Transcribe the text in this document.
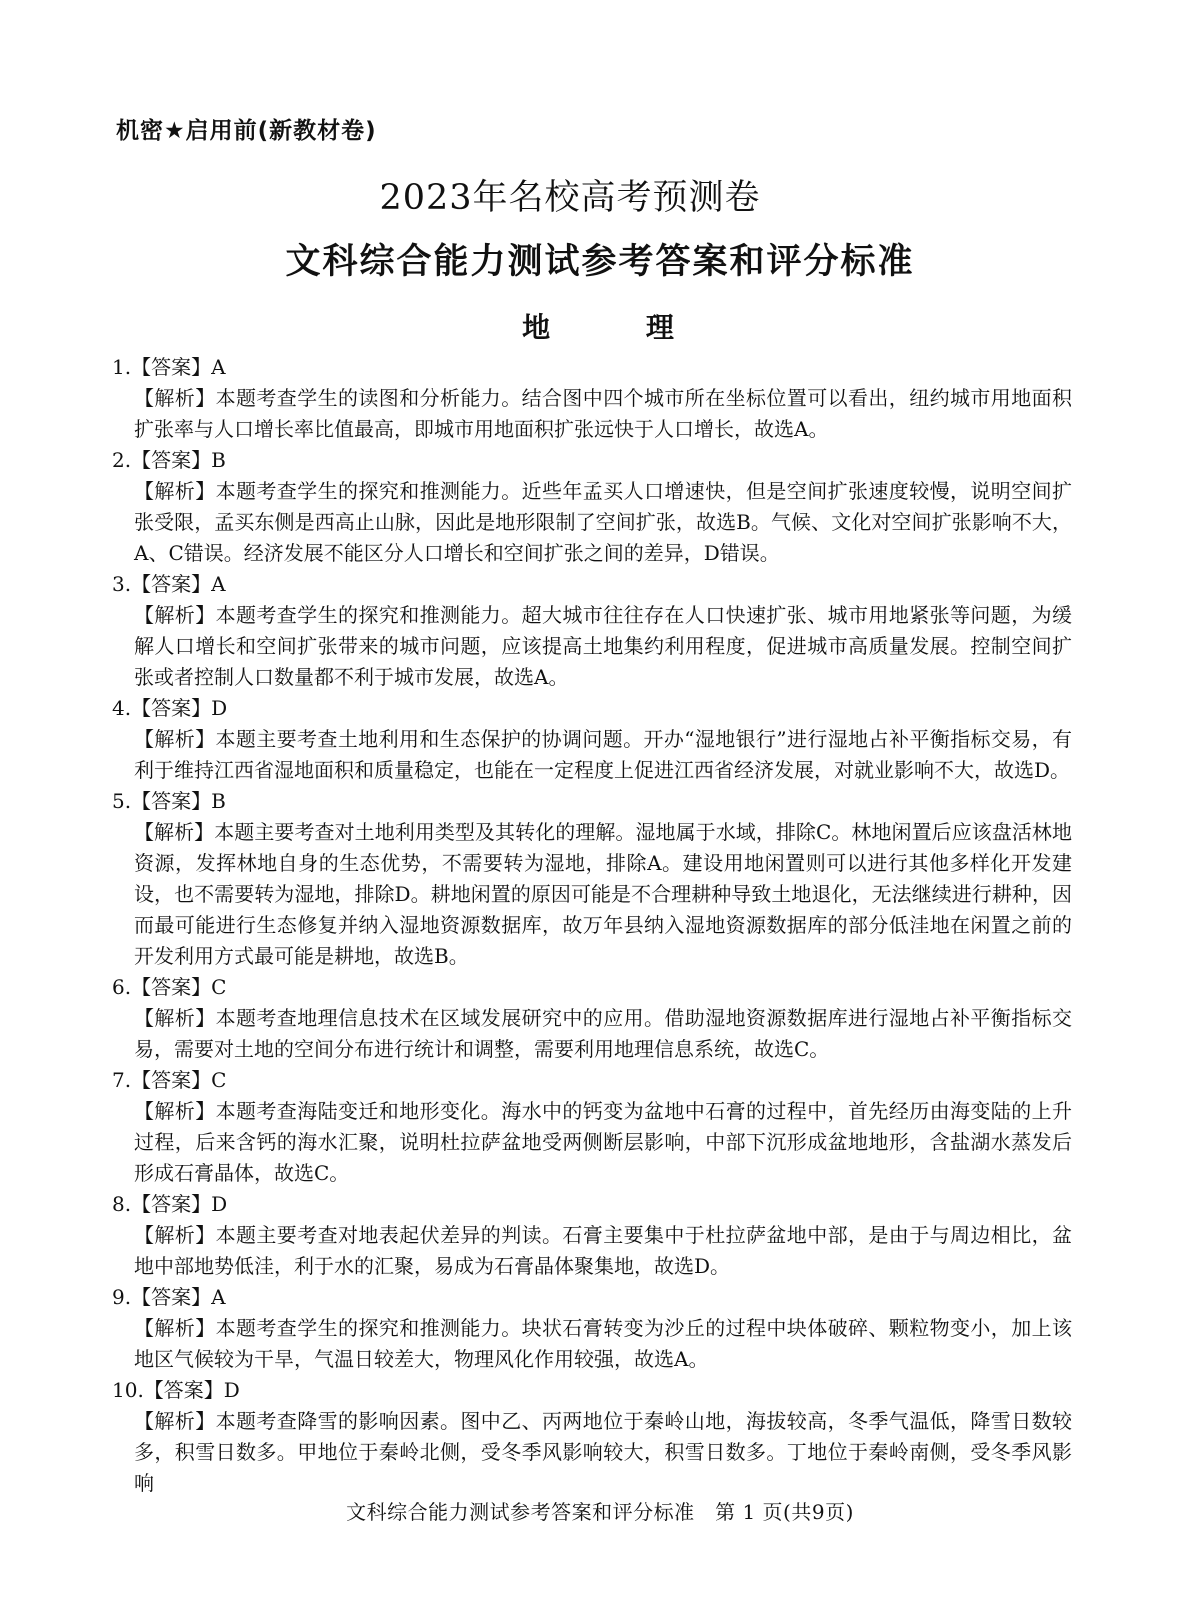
机密★启用前(新教材卷)
2023年名校高考预测卷
文科综合能力测试参考答案和评分标准
地 理

1.【答案】A

【解析】本题考查学生的读图和分析能力。结合图中四个城市所在坐标位置可以看出，纽约城市用地面积扩张率与人口增长率比值最高，即城市用地面积扩张远快于人口增长，故选A。

2.【答案】B

【解析】本题考查学生的探究和推测能力。近些年孟买人口增速快，但是空间扩张速度较慢，说明空间扩张受限，孟买东侧是西高止山脉，因此是地形限制了空间扩张，故选B。气候、文化对空间扩张影响不大，A、C错误。经济发展不能区分人口增长和空间扩张之间的差异，D错误。

3.【答案】A

【解析】本题考查学生的探究和推测能力。超大城市往往存在人口快速扩张、城市用地紧张等问题，为缓解人口增长和空间扩张带来的城市问题，应该提高土地集约利用程度，促进城市高质量发展。控制空间扩张或者控制人口数量都不利于城市发展，故选A。

4.【答案】D

【解析】本题主要考查土地利用和生态保护的协调问题。开办“湿地银行”进行湿地占补平衡指标交易，有利于维持江西省湿地面积和质量稳定，也能在一定程度上促进江西省经济发展，对就业影响不大，故选D。

5.【答案】B

【解析】本题主要考查对土地利用类型及其转化的理解。湿地属于水域，排除C。林地闲置后应该盘活林地资源，发挥林地自身的生态优势，不需要转为湿地，排除A。建设用地闲置则可以进行其他多样化开发建设，也不需要转为湿地，排除D。耕地闲置的原因可能是不合理耕种导致土地退化，无法继续进行耕种，因而最可能进行生态修复并纳入湿地资源数据库，故万年县纳入湿地资源数据库的部分低洼地在闲置之前的开发利用方式最可能是耕地，故选B。

6.【答案】C

【解析】本题考查地理信息技术在区域发展研究中的应用。借助湿地资源数据库进行湿地占补平衡指标交易，需要对土地的空间分布进行统计和调整，需要利用地理信息系统，故选C。

7.【答案】C

【解析】本题考查海陆变迁和地形变化。海水中的钙变为盆地中石膏的过程中，首先经历由海变陆的上升过程，后来含钙的海水汇聚，说明杜拉萨盆地受两侧断层影响，中部下沉形成盆地地形，含盐湖水蒸发后形成石膏晶体，故选C。

8.【答案】D

【解析】本题主要考查对地表起伏差异的判读。石膏主要集中于杜拉萨盆地中部，是由于与周边相比，盆地中部地势低洼，利于水的汇聚，易成为石膏晶体聚集地，故选D。

9.【答案】A

【解析】本题考查学生的探究和推测能力。块状石膏转变为沙丘的过程中块体破碎、颗粒物变小，加上该地区气候较为干旱，气温日较差大，物理风化作用较强，故选A。

10.【答案】D

【解析】本题考查降雪的影响因素。图中乙、丙两地位于秦岭山地，海拔较高，冬季气温低，降雪日数较多，积雪日数多。甲地位于秦岭北侧，受冬季风影响较大，积雪日数多。丁地位于秦岭南侧，受冬季风影响

文科综合能力测试参考答案和评分标准　第 1 页(共9页)
